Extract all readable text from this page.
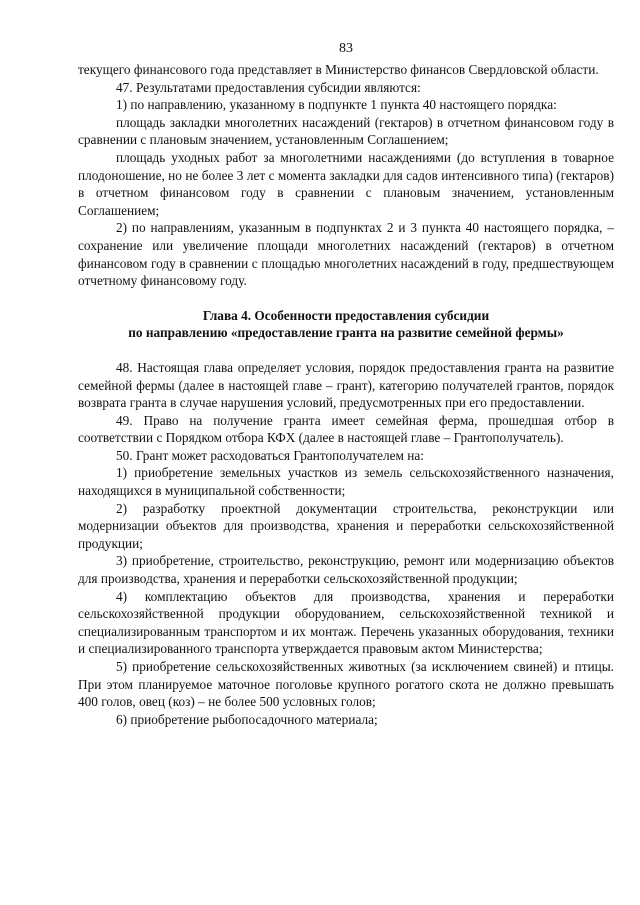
83

текущего финансового года представляет в Министерство финансов Свердловской области.

47. Результатами предоставления субсидии являются:

1) по направлению, указанному в подпункте 1 пункта 40 настоящего порядка:

площадь закладки многолетних насаждений (гектаров) в отчетном финансовом году в сравнении с плановым значением, установленным Соглашением;

площадь уходных работ за многолетними насаждениями (до вступления в товарное плодоношение, но не более 3 лет с момента закладки для садов интенсивного типа) (гектаров) в отчетном финансовом году в сравнении с плановым значением, установленным Соглашением;

2) по направлениям, указанным в подпунктах 2 и 3 пункта 40 настоящего порядка, – сохранение или увеличение площади многолетних насаждений (гектаров) в отчетном финансовом году в сравнении с площадью многолетних насаждений в году, предшествующем отчетному финансовому году.

Глава 4. Особенности предоставления субсидии

по направлению «предоставление гранта на развитие семейной фермы»

48. Настоящая глава определяет условия, порядок предоставления гранта на развитие семейной фермы (далее в настоящей главе – грант), категорию получателей грантов, порядок возврата гранта в случае нарушения условий, предусмотренных при его предоставлении.

49. Право на получение гранта имеет семейная ферма, прошедшая отбор в соответствии с Порядком отбора КФХ (далее в настоящей главе – Грантополучатель).

50. Грант может расходоваться Грантополучателем на:

1) приобретение земельных участков из земель сельскохозяйственного назначения, находящихся в муниципальной собственности;

2) разработку проектной документации строительства, реконструкции или модернизации объектов для производства, хранения и переработки сельскохозяйственной продукции;

3) приобретение, строительство, реконструкцию, ремонт или модернизацию объектов для производства, хранения и переработки сельскохозяйственной продукции;

4) комплектацию объектов для производства, хранения и переработки сельскохозяйственной продукции оборудованием, сельскохозяйственной техникой и специализированным транспортом и их монтаж. Перечень указанных оборудования, техники и специализированного транспорта утверждается правовым актом Министерства;

5) приобретение сельскохозяйственных животных (за исключением свиней) и птицы. При этом планируемое маточное поголовье крупного рогатого скота не должно превышать 400 голов, овец (коз) – не более 500 условных голов;

6) приобретение рыбопосадочного материала;
